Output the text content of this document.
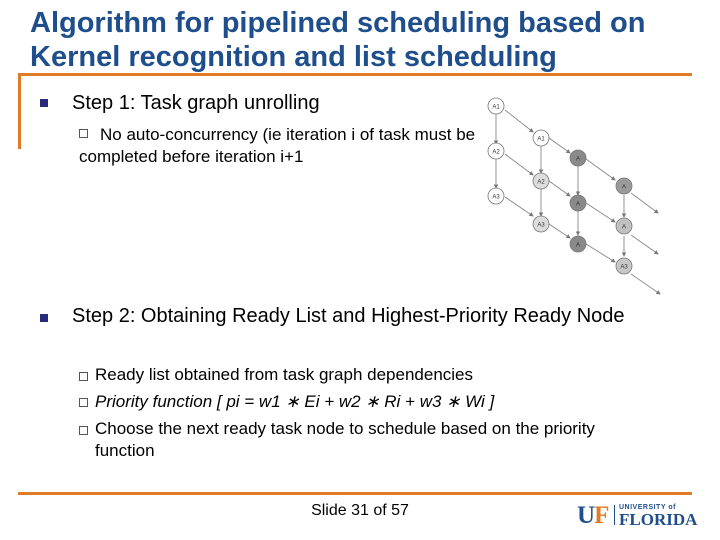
Algorithm for pipelined scheduling based on Kernel recognition and list scheduling
Step 1: Task graph unrolling
No auto-concurrency (ie iteration i of task must be completed before iteration i+1
A1
A2
A3
A1
A2
A3
A
A
A
A
A
A3
Step 2: Obtaining Ready List and Highest-Priority Ready Node
Ready list obtained from task graph dependencies
Priority function [ pi = w1 ∗ Ei + w2 ∗ Ri + w3 ∗ Wi ]
Choose the next ready task node to schedule based on the priority function
Slide 31 of 57	UF UNIVERSITY of
FLORIDA
